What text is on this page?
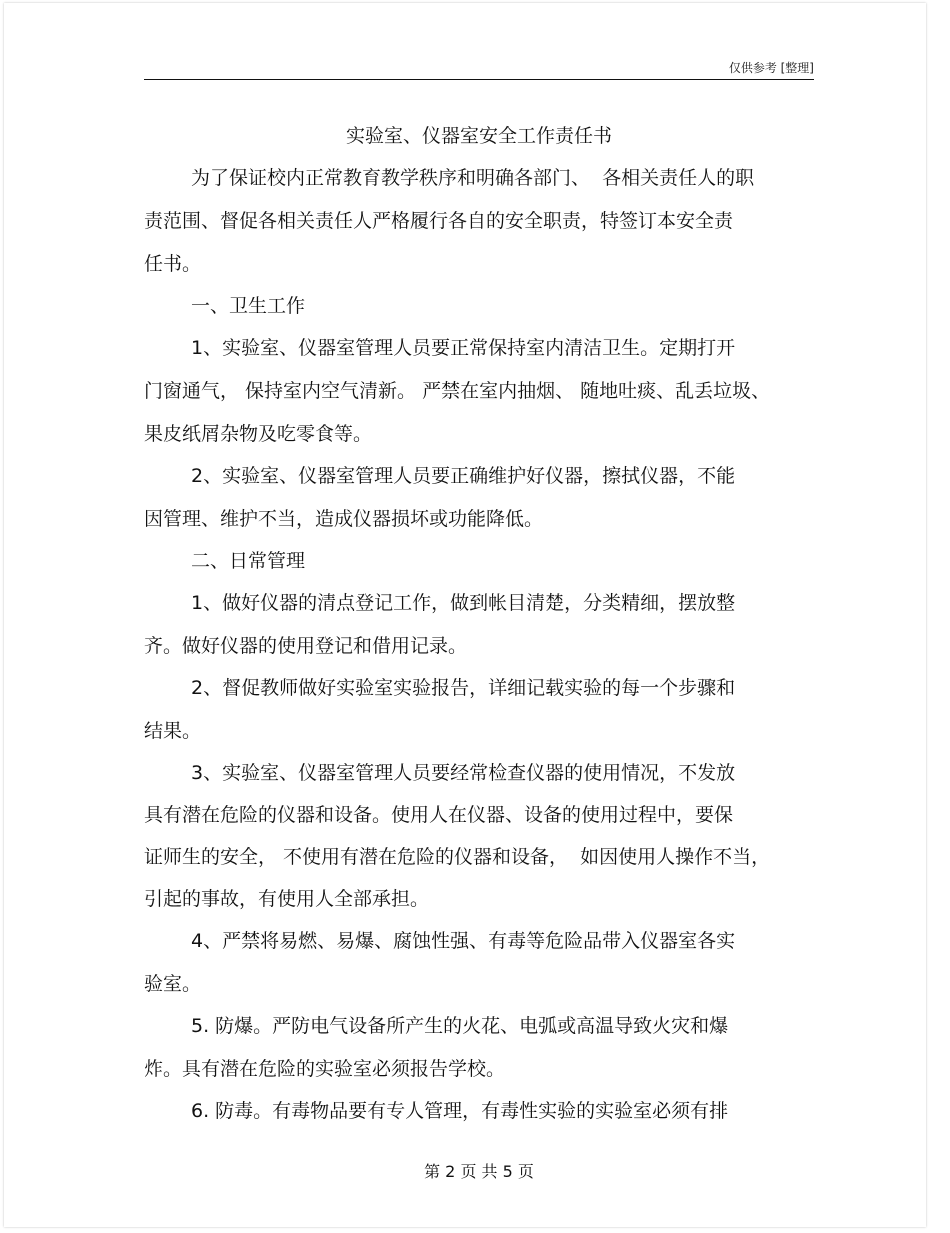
仅供参考 [整理]
实验室、仪器室安全工作责任书
为了保证校内正常教育教学秩序和明确各部门、  各相关责任人的职
责范围、督促各相关责任人严格履行各自的安全职责，特签订本安全责
任书。
一、卫生工作
1、实验室、仪器室管理人员要正常保持室内清洁卫生。定期打开
门窗通气， 保持室内空气清新。 严禁在室内抽烟、 随地吐痰、乱丢垃圾、
果皮纸屑杂物及吃零食等。
2、实验室、仪器室管理人员要正确维护好仪器，擦拭仪器，不能
因管理、维护不当，造成仪器损坏或功能降低。
二、日常管理
1、做好仪器的清点登记工作，做到帐目清楚，分类精细，摆放整
齐。做好仪器的使用登记和借用记录。
2、督促教师做好实验室实验报告，详细记载实验的每一个步骤和
结果。
3、实验室、仪器室管理人员要经常检查仪器的使用情况，不发放
具有潜在危险的仪器和设备。使用人在仪器、设备的使用过程中，要保
证师生的安全， 不使用有潜在危险的仪器和设备，  如因使用人操作不当，
引起的事故，有使用人全部承担。
4、严禁将易燃、易爆、腐蚀性强、有毒等危险品带入仪器室各实
验室。
5. 防爆。严防电气设备所产生的火花、电弧或高温导致火灾和爆
炸。具有潜在危险的实验室必须报告学校。
6. 防毒。有毒物品要有专人管理，有毒性实验的实验室必须有排
第 2 页 共 5 页
